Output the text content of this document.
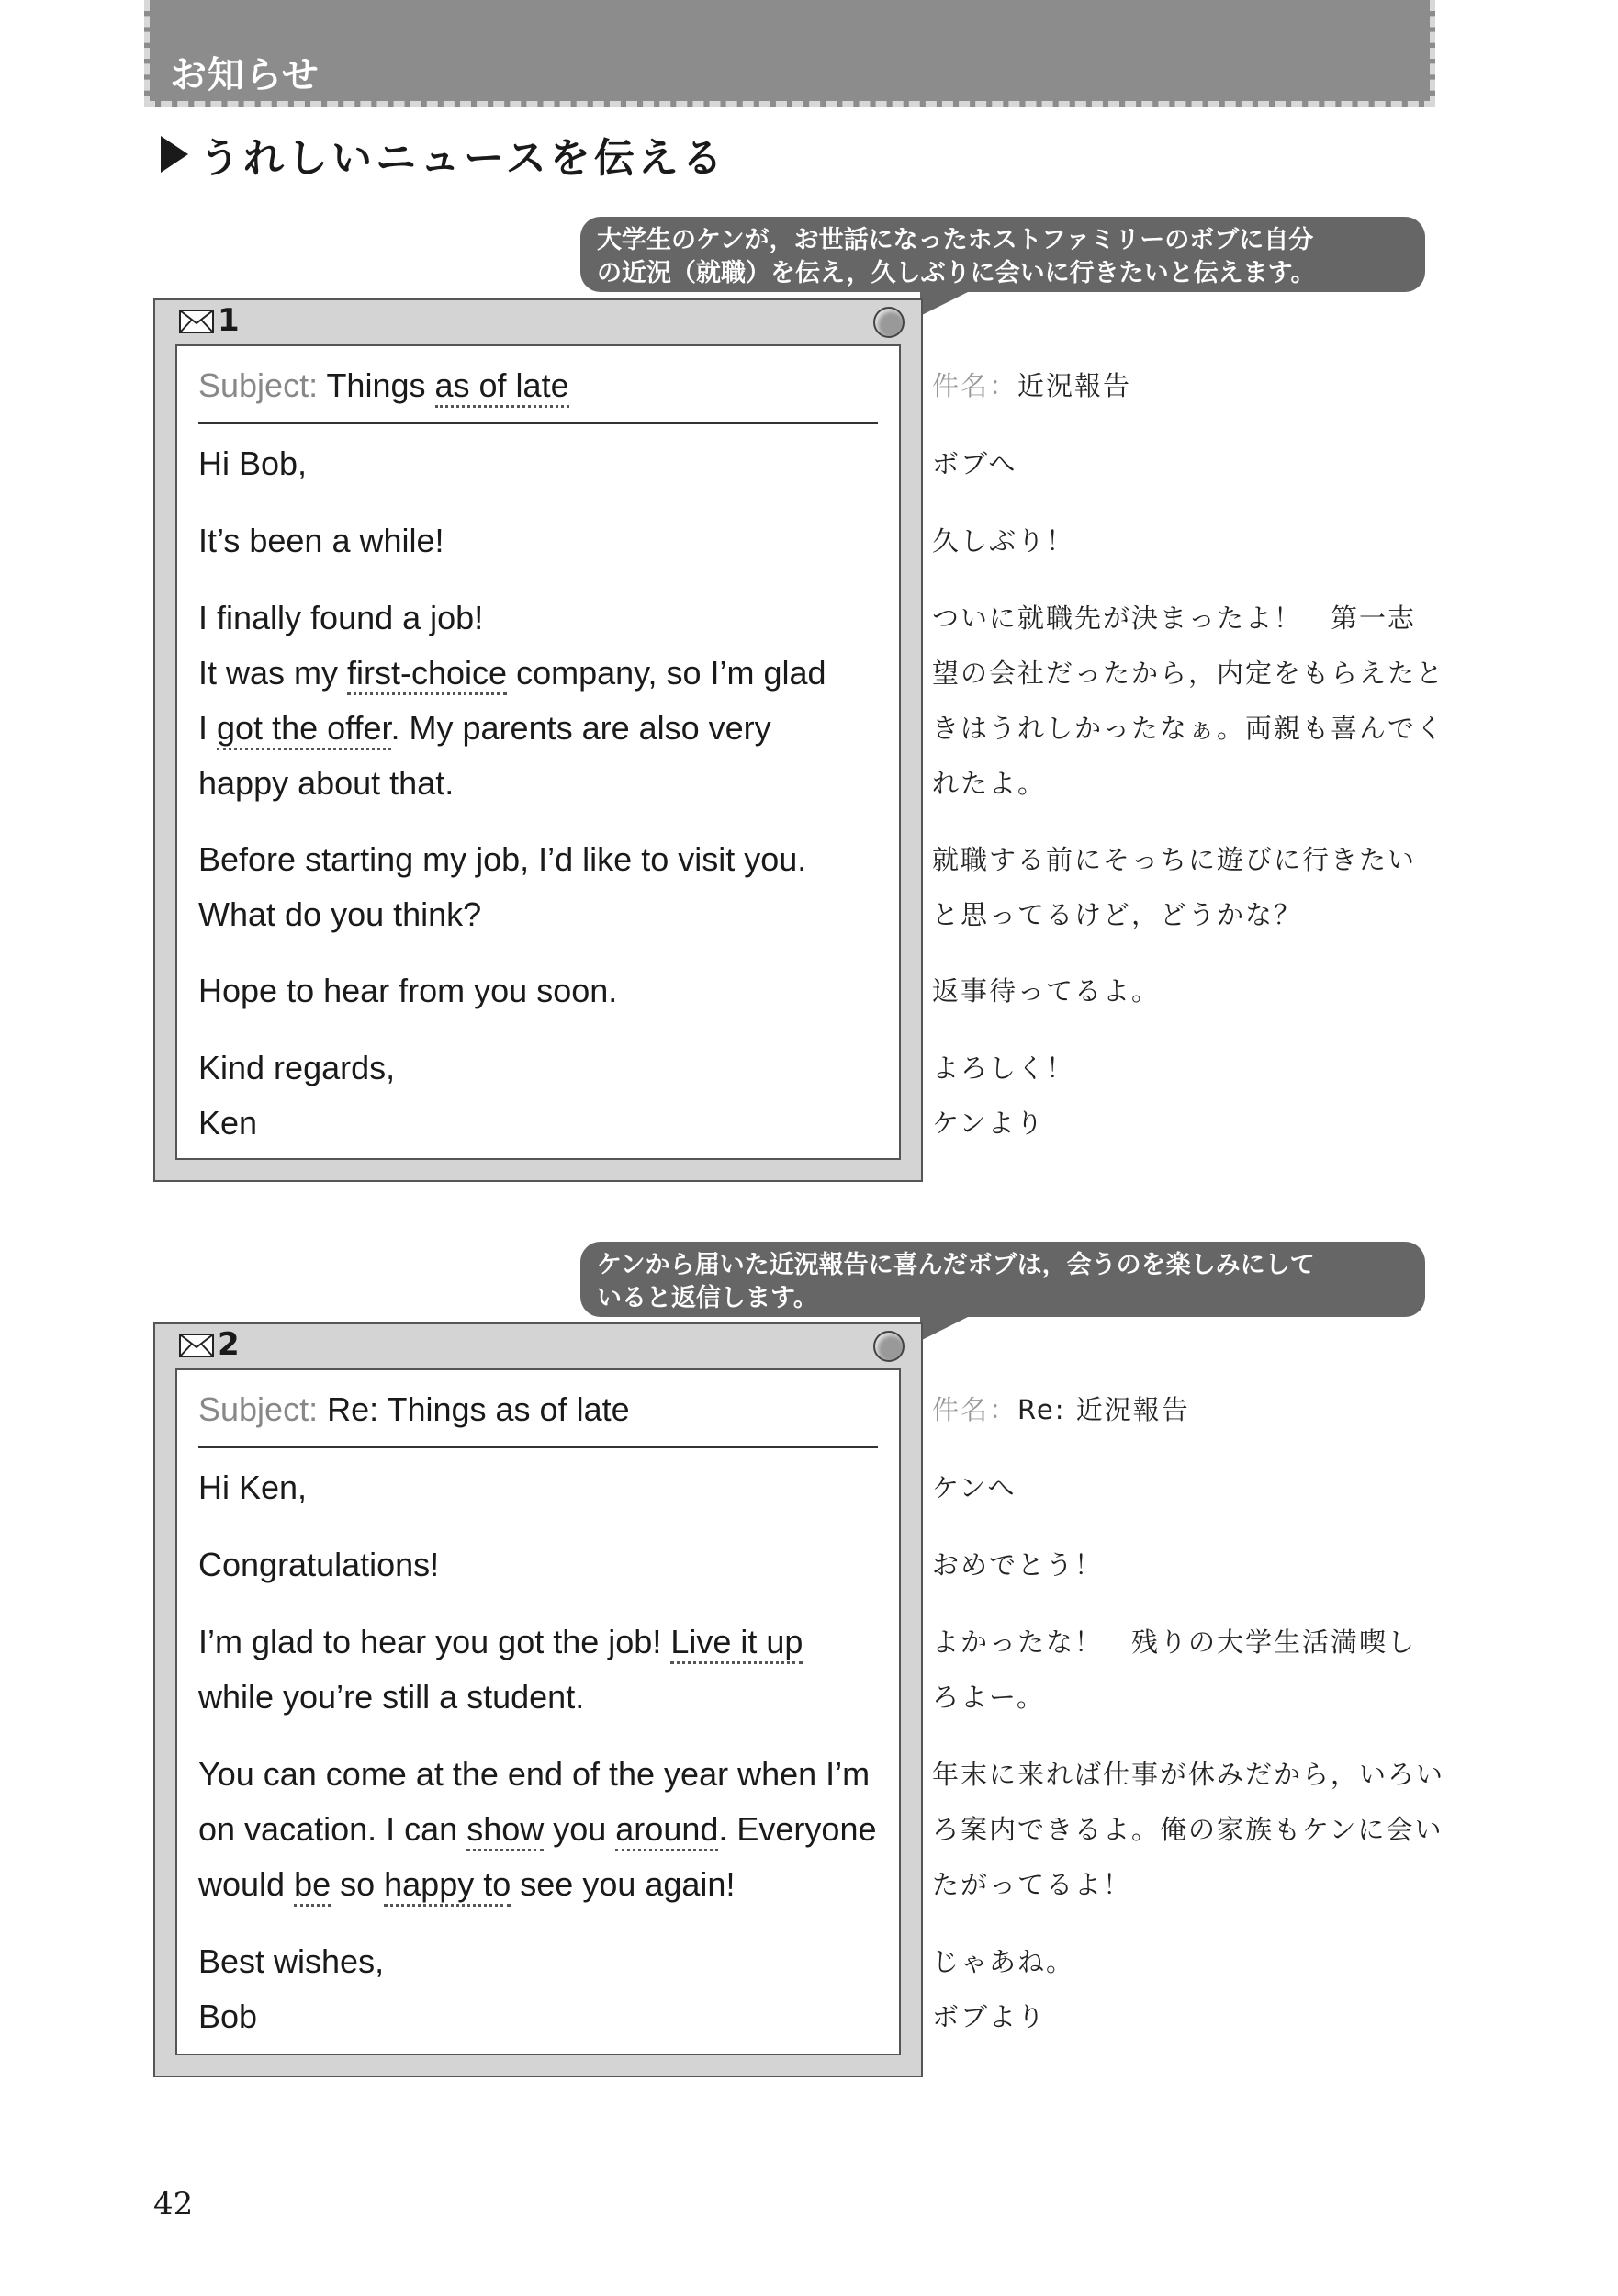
お知らせ
うれしいニュースを伝える
大学生のケンが，お世話になったホストファミリーのボブに自分
の近況（就職）を伝え，久しぶりに会いに行きたいと伝えます。
1
Subject: Things as of late
Hi Bob,
It’s been a while!
I finally found a job!
It was my first-choice company, so I’m glad
I got the offer. My parents are also very
happy about that.
Before starting my job, I’d like to visit you.
What do you think?
Hope to hear from you soon.
Kind regards,
Ken
件名：近況報告
ボブへ
久しぶり！
ついに就職先が決まったよ！　第一志
望の会社だったから，内定をもらえたと
きはうれしかったなぁ。両親も喜んでく
れたよ。
就職する前にそっちに遊びに行きたい
と思ってるけど，どうかな？
返事待ってるよ。
よろしく！
ケンより
ケンから届いた近況報告に喜んだボブは，会うのを楽しみにして
いると返信します。
2
Subject: Re: Things as of late
Hi Ken,
Congratulations!
I’m glad to hear you got the job! Live it up
while you’re still a student.
You can come at the end of the year when I’m
on vacation. I can show you around. Everyone
would be so happy to see you again!
Best wishes,
Bob
件名：Re: 近況報告
ケンへ
おめでとう！
よかったな！　残りの大学生活満喫し
ろよー。
年末に来れば仕事が休みだから，いろい
ろ案内できるよ。俺の家族もケンに会い
たがってるよ！
じゃあね。
ボブより
42
